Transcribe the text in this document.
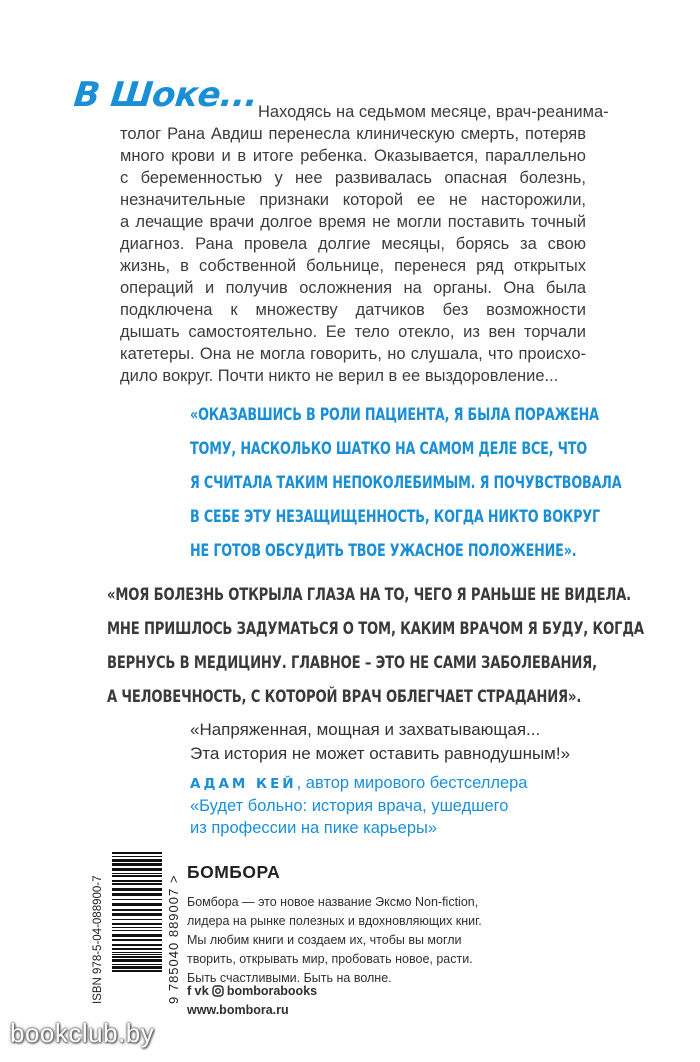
В Шоке...
Находясь на седьмом месяце, врач-реанима-
толог Рана Авдиш перенесла клиническую смерть, потеряв
много крови и в итоге ребенка. Оказывается, параллельно
с беременностью у нее развивалась опасная болезнь,
незначительные признаки которой ее не насторожили,
а лечащие врачи долгое время не могли поставить точный
диагноз. Рана провела долгие месяцы, борясь за свою
жизнь, в собственной больнице, перенеся ряд открытых
операций и получив осложнения на органы. Она была
подключена к множеству датчиков без возможности
дышать самостоятельно. Ее тело отекло, из вен торчали
катетеры. Она не могла говорить, но слушала, что происхо-
дило вокруг. Почти никто не верил в ее выздоровление...
«ОКАЗАВШИСЬ В РОЛИ ПАЦИЕНТА, Я БЫЛА ПОРАЖЕНА
ТОМУ, НАСКОЛЬКО ШАТКО НА САМОМ ДЕЛЕ ВСЕ, ЧТО
Я СЧИТАЛА ТАКИМ НЕПОКОЛЕБИМЫМ. Я ПОЧУВСТВОВАЛА
В СЕБЕ ЭТУ НЕЗАЩИЩЕННОСТЬ, КОГДА НИКТО ВОКРУГ
НЕ ГОТОВ ОБСУДИТЬ ТВОЕ УЖАСНОЕ ПОЛОЖЕНИЕ».
«МОЯ БОЛЕЗНЬ ОТКРЫЛА ГЛАЗА НА ТО, ЧЕГО Я РАНЬШЕ НЕ ВИДЕЛА.
МНЕ ПРИШЛОСЬ ЗАДУМАТЬСЯ О ТОМ, КАКИМ ВРАЧОМ Я БУДУ, КОГДА
ВЕРНУСЬ В МЕДИЦИНУ. ГЛАВНОЕ – ЭТО НЕ САМИ ЗАБОЛЕВАНИЯ,
А ЧЕЛОВЕЧНОСТЬ, С КОТОРОЙ ВРАЧ ОБЛЕГЧАЕТ СТРАДАНИЯ».
«Напряженная, мощная и захватывающая...
Эта история не может оставить равнодушным!»
АДАМ КЕЙ, автор мирового бестселлера
«Будет больно: история врача, ушедшего
из профессии на пике карьеры»
ISBN 978-5-04-088900-7	9 785040 889007 >
БОМБОРА
Бомбора — это новое название Эксмо Non-fiction,
лидера на рынке полезных и вдохновляющих книг.
Мы любим книги и создаем их, чтобы вы могли
творить, открывать мир, пробовать новое, расти.
Быть счастливыми. Быть на волне.
f vk bomborabooks
www.bombora.ru
bookclub.by
